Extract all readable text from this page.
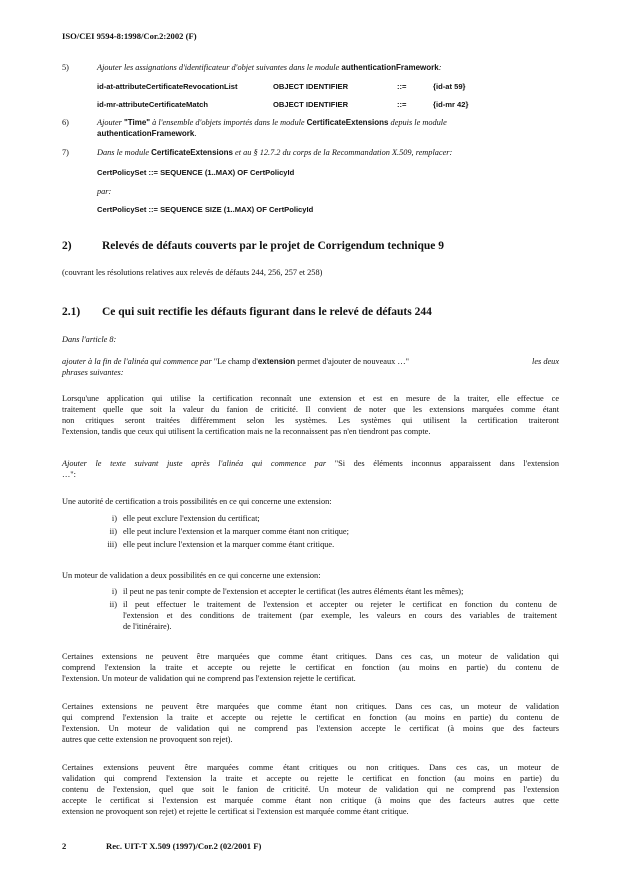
ISO/CEI 9594-8:1998/Cor.2:2002 (F)
5)	Ajouter les assignations d'identificateur d'objet suivantes dans le module authenticationFramework:
id-at-attributeCertificateRevocationList	OBJECT IDENTIFIER	::=	{id-at 59}
id-mr-attributeCertificateMatch	OBJECT IDENTIFIER	::=	{id-mr 42}
6)	Ajouter "Time" à l'ensemble d'objets importés dans le module CertificateExtensions depuis le module
authenticationFramework.
7)	Dans le module CertificateExtensions et au § 12.7.2 du corps de la Recommandation X.509, remplacer:
CertPolicySet ::= SEQUENCE (1..MAX) OF CertPolicyId
par:
CertPolicySet ::= SEQUENCE SIZE (1..MAX) OF CertPolicyId
2)	Relevés de défauts couverts par le projet de Corrigendum technique 9
(couvrant les résolutions relatives aux relevés de défauts 244, 256, 257 et 258)
2.1) Ce qui suit rectifie les défauts figurant dans le relevé de défauts 244
Dans l'article 8:
ajouter à la fin de l'alinéa qui commence par "Le champ d'extension permet d'ajouter de nouveaux …"	les deux
phrases suivantes:
Lorsqu'une application qui utilise la certification reconnaît une extension et est en mesure de la traiter, elle effectue ce
traitement quelle que soit la valeur du fanion de criticité. Il convient de noter que les extensions marquées comme étant
non critiques seront traitées différemment selon les systèmes. Les systèmes qui utilisent la certification traiteront
l'extension, tandis que ceux qui utilisent la certification mais ne la reconnaissent pas n'en tiendront pas compte.
Ajouter le texte suivant juste après l'alinéa qui commence par "Si des éléments inconnus apparaissent dans l'extension
…":
Une autorité de certification a trois possibilités en ce qui concerne une extension:
i) elle peut exclure l'extension du certificat;
ii) elle peut inclure l'extension et la marquer comme étant non critique;
iii) elle peut inclure l'extension et la marquer comme étant critique.
Un moteur de validation a deux possibilités en ce qui concerne une extension:
i) il peut ne pas tenir compte de l'extension et accepter le certificat (les autres éléments étant les mêmes);
ii) il peut effectuer le traitement de l'extension et accepter ou rejeter le certificat en fonction du contenu de
l'extension et des conditions de traitement (par exemple, les valeurs en cours des variables de traitement
de l'itinéraire).
Certaines extensions ne peuvent être marquées que comme étant critiques. Dans ces cas, un moteur de validation qui
comprend l'extension la traite et accepte ou rejette le certificat en fonction (au moins en partie) du contenu de
l'extension. Un moteur de validation qui ne comprend pas l'extension rejette le certificat.
Certaines extensions ne peuvent être marquées que comme étant non critiques. Dans ces cas, un moteur de validation
qui comprend l'extension la traite et accepte ou rejette le certificat en fonction (au moins en partie) du contenu de
l'extension. Un moteur de validation qui ne comprend pas l'extension accepte le certificat (à moins que des facteurs
autres que cette extension ne provoquent son rejet).
Certaines extensions peuvent être marquées comme étant critiques ou non critiques. Dans ces cas, un moteur de
validation qui comprend l'extension la traite et accepte ou rejette le certificat en fonction (au moins en partie) du
contenu de l'extension, quel que soit le fanion de criticité. Un moteur de validation qui ne comprend pas l'extension
accepte le certificat si l'extension est marquée comme étant non critique (à moins que des facteurs autres que cette
extension ne provoquent son rejet) et rejette le certificat si l'extension est marquée comme étant critique.
2	Rec. UIT-T X.509 (1997)/Cor.2 (02/2001 F)
